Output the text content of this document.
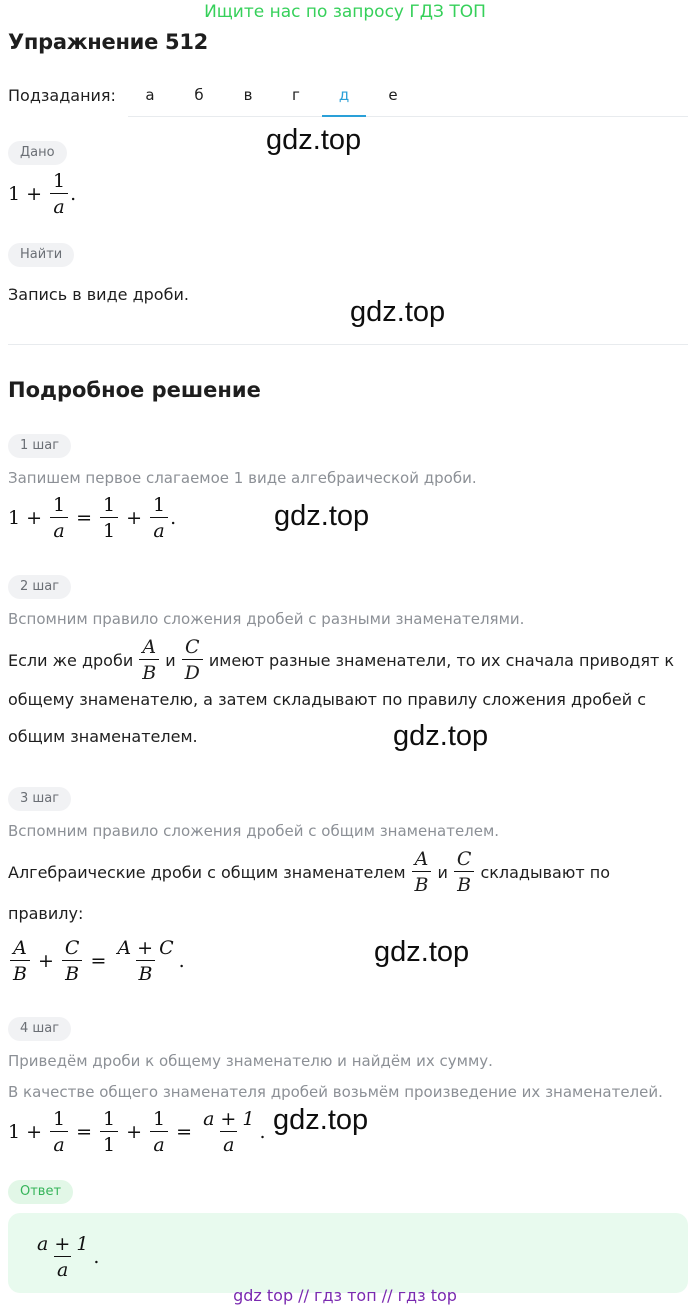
Ищите нас по запросу ГДЗ ТОП
Упражнение 512
Подзадания:	а	б	в	г	д	е
Дано	gdz.top
$1 + \frac{1}{a}$ .
Найти
Запись в виде дроби.
gdz.top
Подробное решение
1 шаг
Запишем первое слагаемое 1 виде алгебраической дроби.
$1 + \frac{1}{a} = \frac{1}{1} + \frac{1}{a}$ .	gdz.top
2 шаг
Вспомним правило сложения дробей с разными знаменателями.
Если же дроби $\frac{A}{B}$ и $\frac{C}{D}$ имеют разные знаменатели, то их сначала приводят к
общему знаменателю, а затем складывают по правилу сложения дробей с
общим знаменателем.	gdz.top
3 шаг
Вспомним правило сложения дробей с общим знаменателем.
Алгебраические дроби с общим знаменателем $\frac{A}{B}$ и $\frac{C}{B}$ складывают по
правилу:
$\frac{A}{B} + \frac{C}{B} = \frac{A + C}{B}$ .	gdz.top
4 шаг
Приведём дроби к общему знаменателю и найдём их сумму.
В качестве общего знаменателя дробей возьмём произведение их знаменателей.
$1 + \frac{1}{a} = \frac{1}{1} + \frac{1}{a} = \frac{a + 1}{a}$ . gdz.top
Ответ
$\frac{a + 1}{a}$ .
gdz top // гдз топ // гдз top
